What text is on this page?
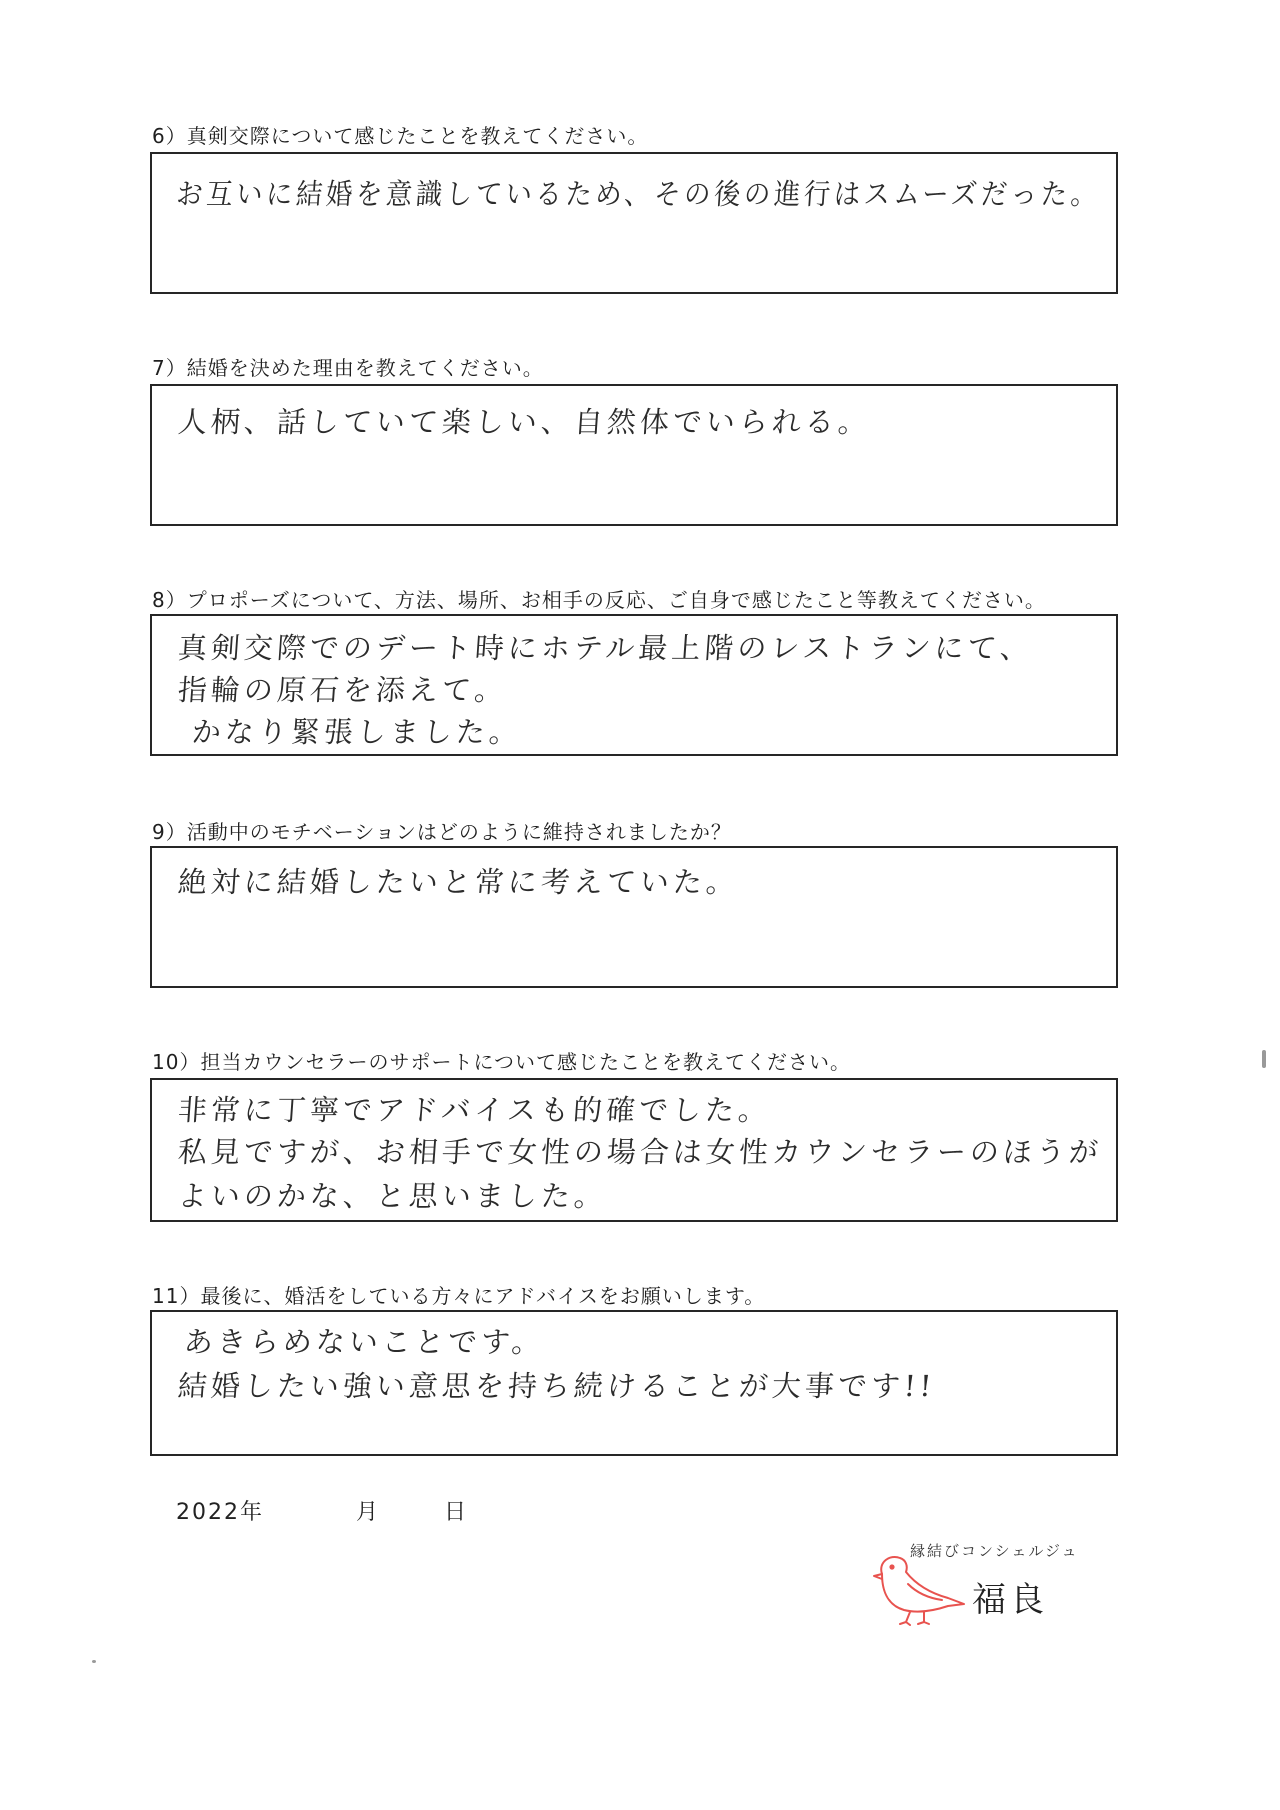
6）真剣交際について感じたことを教えてください。
お互いに結婚を意識しているため、その後の進行はスムーズだった。
7）結婚を決めた理由を教えてください。
人柄、話していて楽しい、自然体でいられる。
8）プロポーズについて、方法、場所、お相手の反応、ご自身で感じたこと等教えてください。
真剣交際でのデート時にホテル最上階のレストランにて、
指輪の原石を添えて。
かなり緊張しました。
9）活動中のモチベーションはどのように維持されましたか？
絶対に結婚したいと常に考えていた。
10）担当カウンセラーのサポートについて感じたことを教えてください。
非常に丁寧でアドバイスも的確でした。
私見ですが、お相手で女性の場合は女性カウンセラーのほうが
よいのかな、と思いました。
11）最後に、婚活をしている方々にアドバイスをお願いします。
あきらめないことです。
結婚したい強い意思を持ち続けることが大事です!!
2022年	月	日
縁結びコンシェルジュ
福良
